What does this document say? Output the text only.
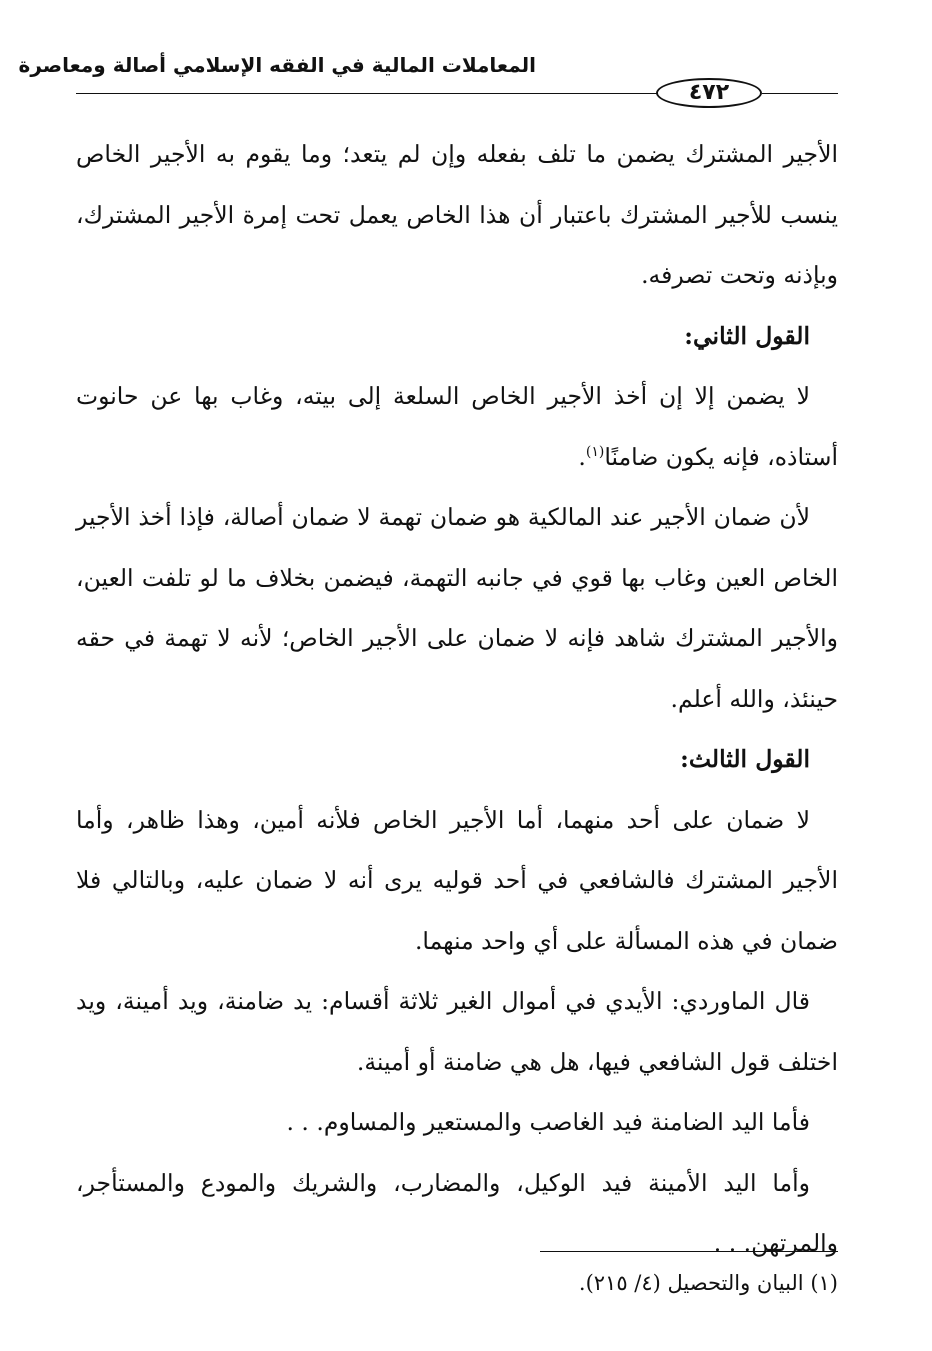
المعاملات المالية في الفقه الإسلامي أصالة ومعاصرة
٤٧٢

الأجير المشترك يضمن ما تلف بفعله وإن لم يتعد؛ وما يقوم به الأجير الخاص ينسب للأجير المشترك باعتبار أن هذا الخاص يعمل تحت إمرة الأجير المشترك، وبإذنه وتحت تصرفه.

القول الثاني:

لا يضمن إلا إن أخذ الأجير الخاص السلعة إلى بيته، وغاب بها عن حانوت أستاذه، فإنه يكون ضامنًا$^{(١)}$.

لأن ضمان الأجير عند المالكية هو ضمان تهمة لا ضمان أصالة، فإذا أخذ الأجير الخاص العين وغاب بها قوي في جانبه التهمة، فيضمن بخلاف ما لو تلفت العين، والأجير المشترك شاهد فإنه لا ضمان على الأجير الخاص؛ لأنه لا تهمة في حقه حينئذ، والله أعلم.

القول الثالث:

لا ضمان على أحد منهما، أما الأجير الخاص فلأنه أمين، وهذا ظاهر، وأما الأجير المشترك فالشافعي في أحد قوليه يرى أنه لا ضمان عليه، وبالتالي فلا ضمان في هذه المسألة على أي واحد منهما.

قال الماوردي: الأيدي في أموال الغير ثلاثة أقسام: يد ضامنة، ويد أمينة، ويد اختلف قول الشافعي فيها، هل هي ضامنة أو أمينة.

فأما اليد الضامنة فيد الغاصب والمستعير والمساوم. . .

وأما اليد الأمينة فيد الوكيل، والمضارب، والشريك والمودع والمستأجر، والمرتهن. . .

(١) البيان والتحصيل (٤/ ٢١٥).
